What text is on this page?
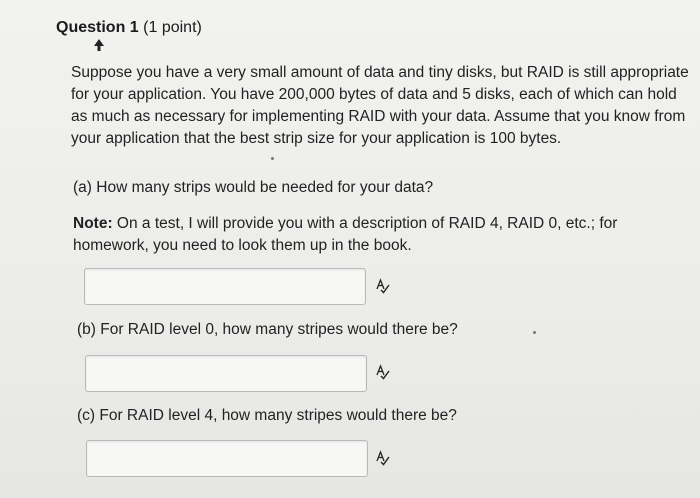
Question 1 (1 point)
Suppose you have a very small amount of data and tiny disks, but RAID is still appropriate for your application. You have 200,000 bytes of data and 5 disks, each of which can hold as much as necessary for implementing RAID with your data. Assume that you know from your application that the best strip size for your application is 100 bytes.
(a) How many strips would be needed for your data?
Note: On a test, I will provide you with a description of RAID 4, RAID 0, etc.; for homework, you need to look them up in the book.
(b) For RAID level 0, how many stripes would there be?
(c) For RAID level 4, how many stripes would there be?
